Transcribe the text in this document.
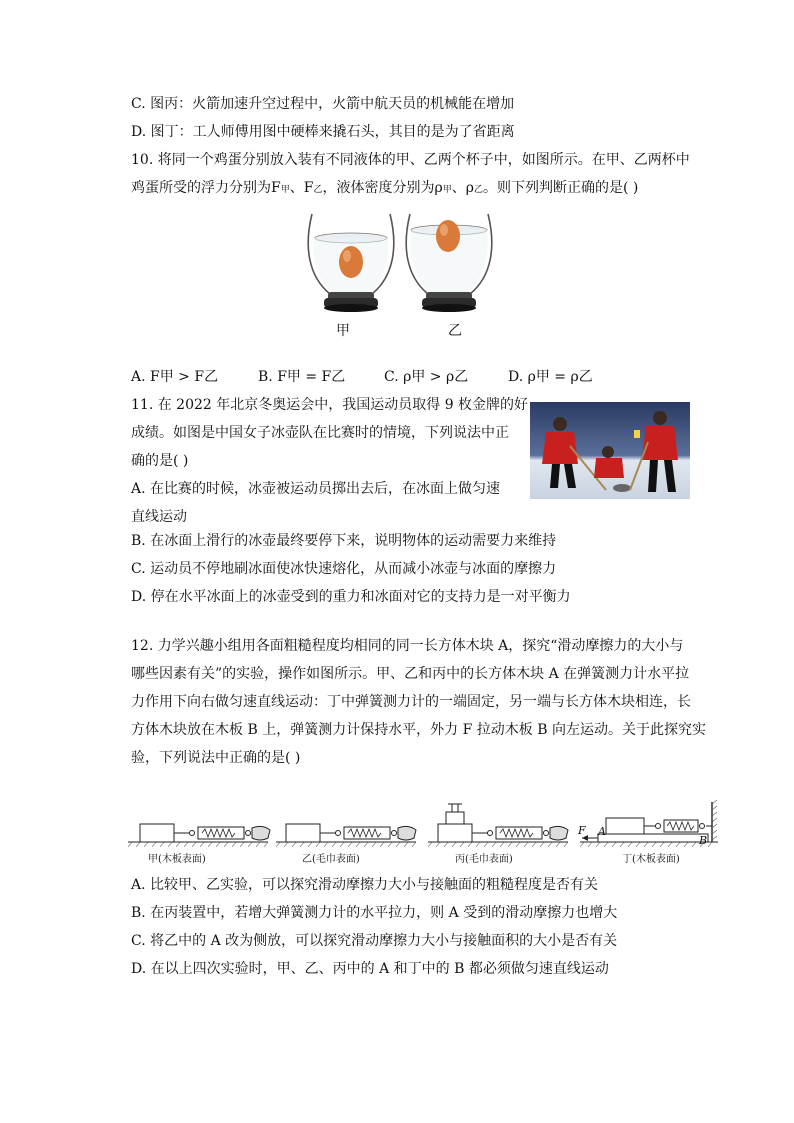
C. 图丙：火箭加速升空过程中，火箭中航天员的机械能在增加
D. 图丁：工人师傅用图中硬棒来撬石头，其目的是为了省距离
10. 将同一个鸡蛋分别放入装有不同液体的甲、乙两个杯子中，如图所示。在甲、乙两杯中
鸡蛋所受的浮力分别为F甲、F乙，液体密度分别为ρ甲、ρ乙。则下列判断正确的是( )
甲	乙
A. F甲 > F乙	B. F甲 = F乙	C. ρ甲 > ρ乙	D. ρ甲 = ρ乙
11. 在 2022 年北京冬奥运会中，我国运动员取得 9 枚金牌的好
成绩。如图是中国女子冰壶队在比赛时的情境，下列说法中正
确的是( )
A. 在比赛的时候，冰壶被运动员掷出去后，在冰面上做匀速
直线运动
B. 在冰面上滑行的冰壶最终要停下来，说明物体的运动需要力来维持
C. 运动员不停地刷冰面使冰快速熔化，从而减小冰壶与冰面的摩擦力
D. 停在水平冰面上的冰壶受到的重力和冰面对它的支持力是一对平衡力
12. 力学兴趣小组用各面粗糙程度均相同的同一长方体木块 A，探究“滑动摩擦力的大小与
哪些因素有关”的实验，操作如图所示。甲、乙和丙中的长方体木块 A 在弹簧测力计水平拉
力作用下向右做匀速直线运动：丁中弹簧测力计的一端固定，另一端与长方体木块相连，长
方体木块放在木板 B 上，弹簧测力计保持水平，外力 F 拉动木板 B 向左运动。关于此探究实
验，下列说法中正确的是( )
A
B
F
甲(木板表面)	乙(毛巾表面)	丙(毛巾表面)	丁(木板表面)
A. 比较甲、乙实验，可以探究滑动摩擦力大小与接触面的粗糙程度是否有关
B. 在丙装置中，若增大弹簧测力计的水平拉力，则 A 受到的滑动摩擦力也增大
C. 将乙中的 A 改为侧放，可以探究滑动摩擦力大小与接触面积的大小是否有关
D. 在以上四次实验时，甲、乙、丙中的 A 和丁中的 B 都必须做匀速直线运动
